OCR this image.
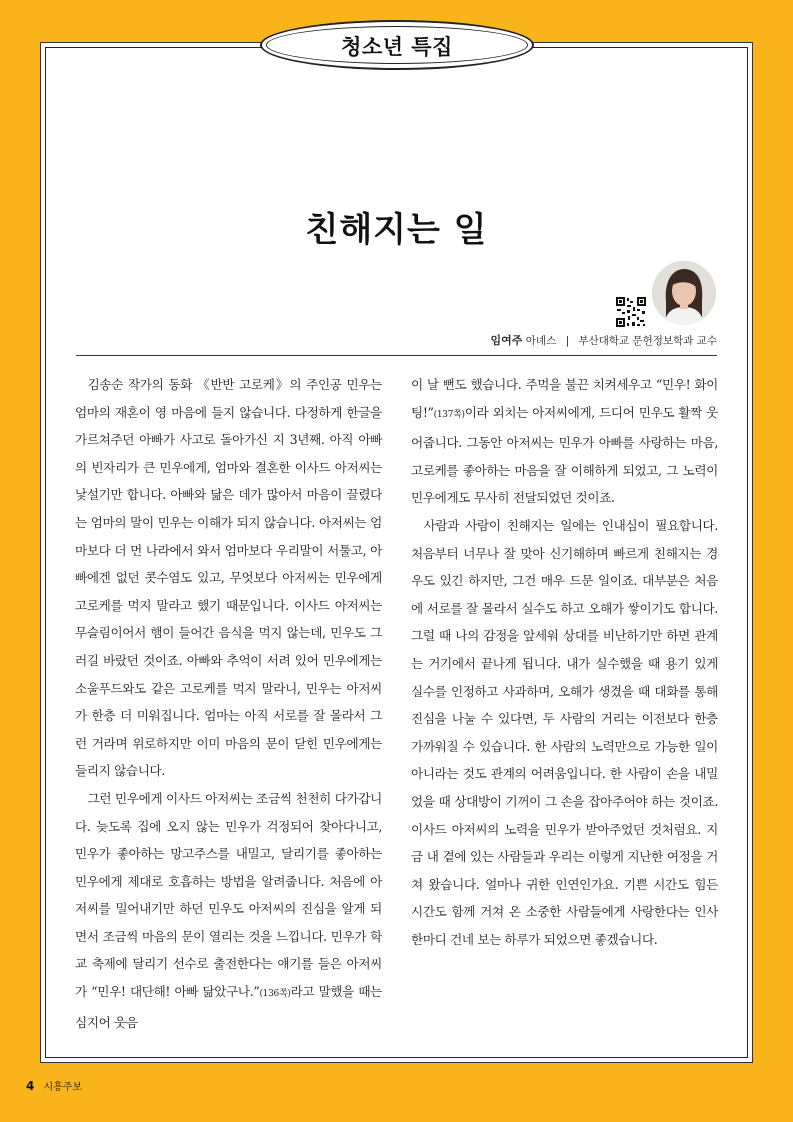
청소년 특집
친해지는 일
임여주 아녜스 | 부산대학교 문헌정보학과 교수

김송순 작가의 동화 《반반 고로케》의 주인공 민우는 엄마의 재혼이 영 마음에 들지 않습니다. 다정하게 한글을 가르쳐주던 아빠가 사고로 돌아가신 지 3년째. 아직 아빠의 빈자리가 큰 민우에게, 엄마와 결혼한 이사드 아저씨는 낯설기만 합니다. 아빠와 닮은 데가 많아서 마음이 끌렸다는 엄마의 말이 민우는 이해가 되지 않습니다. 아저씨는 엄마보다 더 먼 나라에서 와서 엄마보다 우리말이 서툴고, 아빠에겐 없던 콧수염도 있고, 무엇보다 아저씨는 민우에게 고로케를 먹지 말라고 했기 때문입니다. 이사드 아저씨는 무슬림이어서 햄이 들어간 음식을 먹지 않는데, 민우도 그러길 바랐던 것이죠. 아빠와 추억이 서려 있어 민우에게는 소울푸드와도 같은 고로케를 먹지 말라니, 민우는 아저씨가 한층 더 미워집니다. 엄마는 아직 서로를 잘 몰라서 그런 거라며 위로하지만 이미 마음의 문이 닫힌 민우에게는 들리지 않습니다.

그런 민우에게 이사드 아저씨는 조금씩 천천히 다가갑니다. 늦도록 집에 오지 않는 민우가 걱정되어 찾아다니고, 민우가 좋아하는 망고주스를 내밀고, 달리기를 좋아하는 민우에게 제대로 호흡하는 방법을 알려줍니다. 처음에 아저씨를 밀어내기만 하던 민우도 아저씨의 진심을 알게 되면서 조금씩 마음의 문이 열리는 것을 느낍니다. 민우가 학교 축제에 달리기 선수로 출전한다는 얘기를 들은 아저씨가 “민우! 대단해! 아빠 닮았구나.”(136쪽)라고 말했을 때는 심지어 웃음

이 날 뻔도 했습니다. 주먹을 불끈 치켜세우고 “민우! 화이팅!”(137쪽)이라 외치는 아저씨에게, 드디어 민우도 활짝 웃어줍니다. 그동안 아저씨는 민우가 아빠를 사랑하는 마음, 고로케를 좋아하는 마음을 잘 이해하게 되었고, 그 노력이 민우에게도 무사히 전달되었던 것이죠.

사람과 사람이 친해지는 일에는 인내심이 필요합니다. 처음부터 너무나 잘 맞아 신기해하며 빠르게 친해지는 경우도 있긴 하지만, 그건 매우 드문 일이죠. 대부분은 처음에 서로를 잘 몰라서 실수도 하고 오해가 쌓이기도 합니다. 그럴 때 나의 감정을 앞세워 상대를 비난하기만 하면 관계는 거기에서 끝나게 됩니다. 내가 실수했을 때 용기 있게 실수를 인정하고 사과하며, 오해가 생겼을 때 대화를 통해 진심을 나눌 수 있다면, 두 사람의 거리는 이전보다 한층 가까워질 수 있습니다. 한 사람의 노력만으로 가능한 일이 아니라는 것도 관계의 어려움입니다. 한 사람이 손을 내밀었을 때 상대방이 기꺼이 그 손을 잡아주어야 하는 것이죠. 이사드 아저씨의 노력을 민우가 받아주었던 것처럼요. 지금 내 곁에 있는 사람들과 우리는 이렇게 지난한 여정을 거쳐 왔습니다. 얼마나 귀한 인연인가요. 기쁜 시간도 힘든 시간도 함께 거쳐 온 소중한 사람들에게 사랑한다는 인사 한마디 건네 보는 하루가 되었으면 좋겠습니다.

4 시흥주보
